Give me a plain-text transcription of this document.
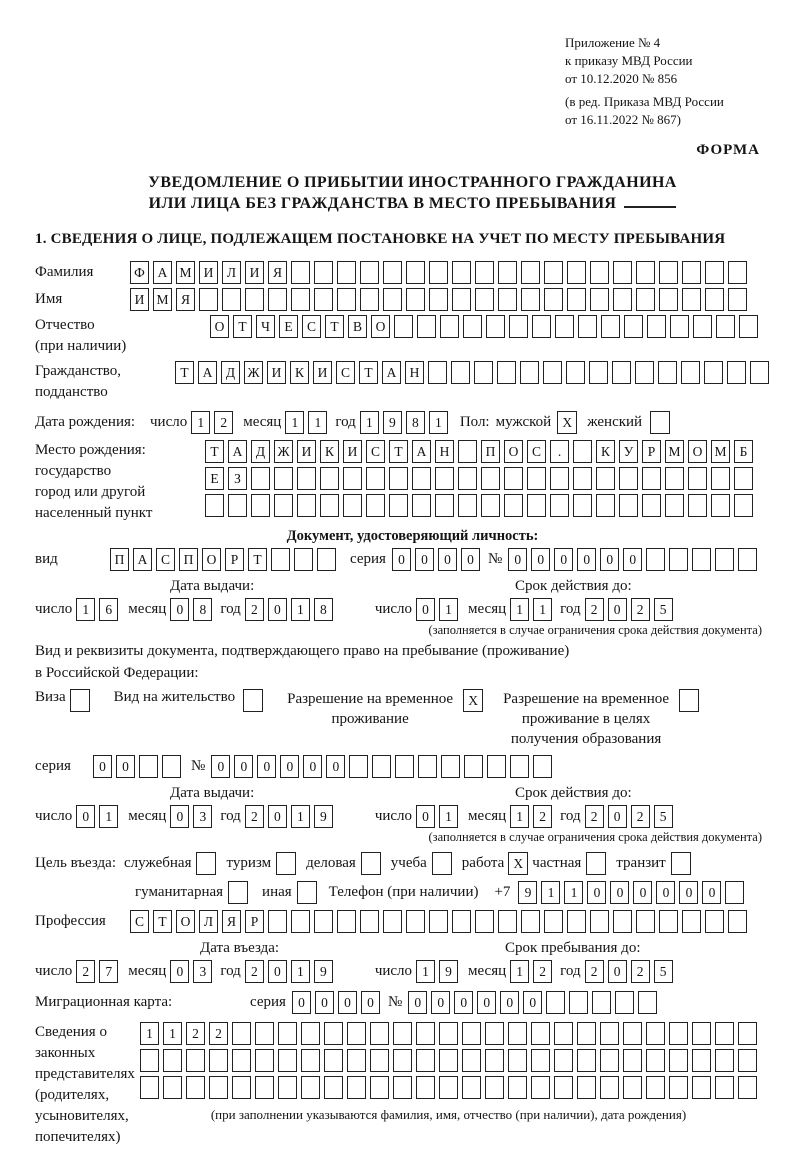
Приложение № 4
к приказу МВД России
от 10.12.2020 № 856
(в ред. Приказа МВД России
от 16.11.2022 № 867)
ФОРМА
УВЕДОМЛЕНИЕ О ПРИБЫТИИ ИНОСТРАННОГО ГРАЖДАНИНА
ИЛИ ЛИЦА БЕЗ ГРАЖДАНСТВА В МЕСТО ПРЕБЫВАНИЯ
1. СВЕДЕНИЯ О ЛИЦЕ, ПОДЛЕЖАЩЕМ ПОСТАНОВКЕ НА УЧЕТ ПО МЕСТУ ПРЕБЫВАНИЯ
Фамилия	Ф А М И	Л	И	Я
Имя	И М Я
Отчество
(при наличии)
О	Т	Ч	Е	С	Т	В	О
Гражданство,
подданство
Т	А	Д Ж И	К	И	С	Т	А Н
Дата рождения: число 1	2	месяц 1	1 год 1	9	8	1	Пол: мужской X	женский
Место рождения:
государство
город или другой
населенный пункт
Т	А	Д Ж И	К	И	С	Т	А Н	П О	С	.	К	У	Р М О М Б
Е	З
Документ, удостоверяющий личность:
вид	П А	С	П О	Р	Т	серия 0	0	0	0 № 0	0	0	0	0	0
Дата выдачи:	Срок действия до:
число 1	6	месяц 0	8 год 2	0	1	8	число 0	1	месяц 1	1 год 2	0	2	5
(заполняется в случае ограничения срока действия документа)
Вид и реквизиты документа, подтверждающего право на пребывание (проживание)
в Российской Федерации:
Виза	Вид на жительство	Разрешение на временное
проживание
X	Разрешение на временное
проживание в целях
получения образования
серия	0	0	№ 0	0	0	0	0	0
Дата выдачи:	Срок действия до:
число 0	1	месяц 0	3 год 2	0	1	9	число 0	1	месяц 1	2 год 2	0	2	5
(заполняется в случае ограничения срока действия документа)
Цель въезда: служебная туризм деловая учеба работа X частная транзит
гуманитарная	иная Телефон (при наличии) +7	9	1	1	0	0	0	0	0	0
Профессия	С	Т	О	Л	Я	Р
Дата въезда:	Срок пребывания до:
число 2	7	месяц 0	3 год 2	0	1	9	число 1	9	месяц 1	2 год 2	0	2	5
Миграционная карта:	серия 0	0	0	0 № 0	0	0	0	0	0
Сведения о
законных
представителях
(родителях,
усыновителях,
попечителях)
1	1	2	2
(при заполнении указываются фамилия, имя, отчество (при наличии), дата рождения)
